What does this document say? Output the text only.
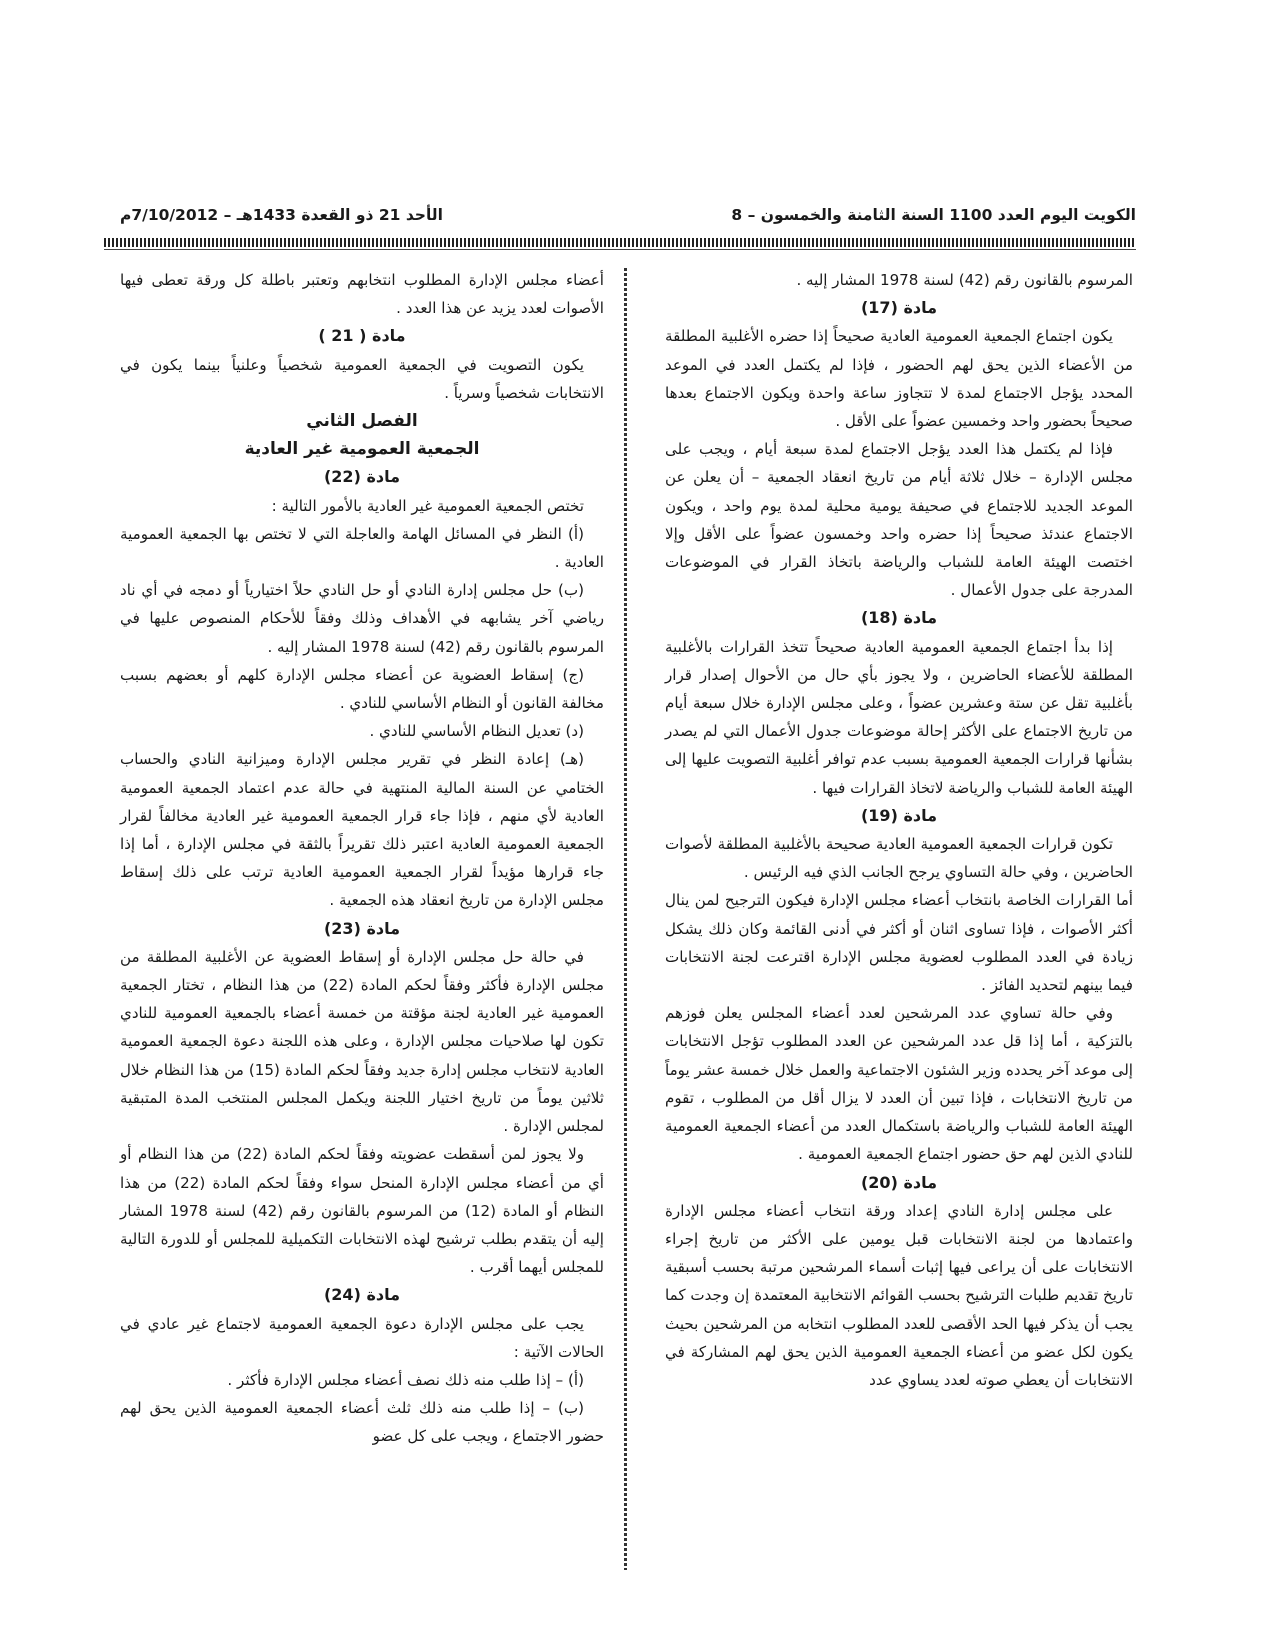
الكويت اليوم العدد 1100 السنة الثامنة والخمسون – 8
الأحد 21 ذو القعدة 1433هـ – 7/10/2012م

المرسوم بالقانون رقم (42) لسنة 1978 المشار إليه .

مادة (17)

يكون اجتماع الجمعية العمومية العادية صحيحاً إذا حضره الأغلبية المطلقة من الأعضاء الذين يحق لهم الحضور ، فإذا لم يكتمل العدد في الموعد المحدد يؤجل الاجتماع لمدة لا تتجاوز ساعة واحدة ويكون الاجتماع بعدها صحيحاً بحضور واحد وخمسين عضواً على الأقل .

فإذا لم يكتمل هذا العدد يؤجل الاجتماع لمدة سبعة أيام ، ويجب على مجلس الإدارة – خلال ثلاثة أيام من تاريخ انعقاد الجمعية – أن يعلن عن الموعد الجديد للاجتماع في صحيفة يومية محلية لمدة يوم واحد ، ويكون الاجتماع عندئذ صحيحاً إذا حضره واحد وخمسون عضواً على الأقل وإلا اختصت الهيئة العامة للشباب والرياضة باتخاذ القرار في الموضوعات المدرجة على جدول الأعمال .

مادة (18)

إذا بدأ اجتماع الجمعية العمومية العادية صحيحاً تتخذ القرارات بالأغلبية المطلقة للأعضاء الحاضرين ، ولا يجوز بأي حال من الأحوال إصدار قرار بأغلبية تقل عن ستة وعشرين عضواً ، وعلى مجلس الإدارة خلال سبعة أيام من تاريخ الاجتماع على الأكثر إحالة موضوعات جدول الأعمال التي لم يصدر بشأنها قرارات الجمعية العمومية بسبب عدم توافر أغلبية التصويت عليها إلى الهيئة العامة للشباب والرياضة لاتخاذ القرارات فيها .

مادة (19)

تكون قرارات الجمعية العمومية العادية صحيحة بالأغلبية المطلقة لأصوات الحاضرين ، وفي حالة التساوي يرجح الجانب الذي فيه الرئيس .

أما القرارات الخاصة بانتخاب أعضاء مجلس الإدارة فيكون الترجيح لمن ينال أكثر الأصوات ، فإذا تساوى اثنان أو أكثر في أدنى القائمة وكان ذلك يشكل زيادة في العدد المطلوب لعضوية مجلس الإدارة اقترعت لجنة الانتخابات فيما بينهم لتحديد الفائز .

وفي حالة تساوي عدد المرشحين لعدد أعضاء المجلس يعلن فوزهم بالتزكية ، أما إذا قل عدد المرشحين عن العدد المطلوب تؤجل الانتخابات إلى موعد آخر يحدده وزير الشئون الاجتماعية والعمل خلال خمسة عشر يوماً من تاريخ الانتخابات ، فإذا تبين أن العدد لا يزال أقل من المطلوب ، تقوم الهيئة العامة للشباب والرياضة باستكمال العدد من أعضاء الجمعية العمومية للنادي الذين لهم حق حضور اجتماع الجمعية العمومية .

مادة (20)

على مجلس إدارة النادي إعداد ورقة انتخاب أعضاء مجلس الإدارة واعتمادها من لجنة الانتخابات قبل يومين على الأكثر من تاريخ إجراء الانتخابات على أن يراعى فيها إثبات أسماء المرشحين مرتبة بحسب أسبقية تاريخ تقديم طلبات الترشيح بحسب القوائم الانتخابية المعتمدة إن وجدت كما يجب أن يذكر فيها الحد الأقصى للعدد المطلوب انتخابه من المرشحين بحيث يكون لكل عضو من أعضاء الجمعية العمومية الذين يحق لهم المشاركة في الانتخابات أن يعطي صوته لعدد يساوي عدد

أعضاء مجلس الإدارة المطلوب انتخابهم وتعتبر باطلة كل ورقة تعطى فيها الأصوات لعدد يزيد عن هذا العدد .

مادة ( 21 )

يكون التصويت في الجمعية العمومية شخصياً وعلنياً بينما يكون في الانتخابات شخصياً وسرياً .

الفصل الثاني
الجمعية العمومية غير العادية
مادة (22)

تختص الجمعية العمومية غير العادية بالأمور التالية :

(أ) النظر في المسائل الهامة والعاجلة التي لا تختص بها الجمعية العمومية العادية .

(ب) حل مجلس إدارة النادي أو حل النادي حلاً اختيارياً أو دمجه في أي ناد رياضي آخر يشابهه في الأهداف وذلك وفقاً للأحكام المنصوص عليها في المرسوم بالقانون رقم (42) لسنة 1978 المشار إليه .

(ج) إسقاط العضوية عن أعضاء مجلس الإدارة كلهم أو بعضهم بسبب مخالفة القانون أو النظام الأساسي للنادي .

(د) تعديل النظام الأساسي للنادي .

(هـ) إعادة النظر في تقرير مجلس الإدارة وميزانية النادي والحساب الختامي عن السنة المالية المنتهية في حالة عدم اعتماد الجمعية العمومية العادية لأي منهم ، فإذا جاء قرار الجمعية العمومية غير العادية مخالفاً لقرار الجمعية العمومية العادية اعتبر ذلك تقريراً بالثقة في مجلس الإدارة ، أما إذا جاء قرارها مؤيداً لقرار الجمعية العمومية العادية ترتب على ذلك إسقاط مجلس الإدارة من تاريخ انعقاد هذه الجمعية .

مادة (23)

في حالة حل مجلس الإدارة أو إسقاط العضوية عن الأغلبية المطلقة من مجلس الإدارة فأكثر وفقاً لحكم المادة (22) من هذا النظام ، تختار الجمعية العمومية غير العادية لجنة مؤقتة من خمسة أعضاء بالجمعية العمومية للنادي تكون لها صلاحيات مجلس الإدارة ، وعلى هذه اللجنة دعوة الجمعية العمومية العادية لانتخاب مجلس إدارة جديد وفقاً لحكم المادة (15) من هذا النظام خلال ثلاثين يوماً من تاريخ اختيار اللجنة ويكمل المجلس المنتخب المدة المتبقية لمجلس الإدارة .

ولا يجوز لمن أسقطت عضويته وفقاً لحكم المادة (22) من هذا النظام أو أي من أعضاء مجلس الإدارة المنحل سواء وفقاً لحكم المادة (22) من هذا النظام أو المادة (12) من المرسوم بالقانون رقم (42) لسنة 1978 المشار إليه أن يتقدم بطلب ترشيح لهذه الانتخابات التكميلية للمجلس أو للدورة التالية للمجلس أيهما أقرب .

مادة (24)

يجب على مجلس الإدارة دعوة الجمعية العمومية لاجتماع غير عادي في الحالات الآتية :

(أ) – إذا طلب منه ذلك نصف أعضاء مجلس الإدارة فأكثر .

(ب) – إذا طلب منه ذلك ثلث أعضاء الجمعية العمومية الذين يحق لهم حضور الاجتماع ، ويجب على كل عضو
